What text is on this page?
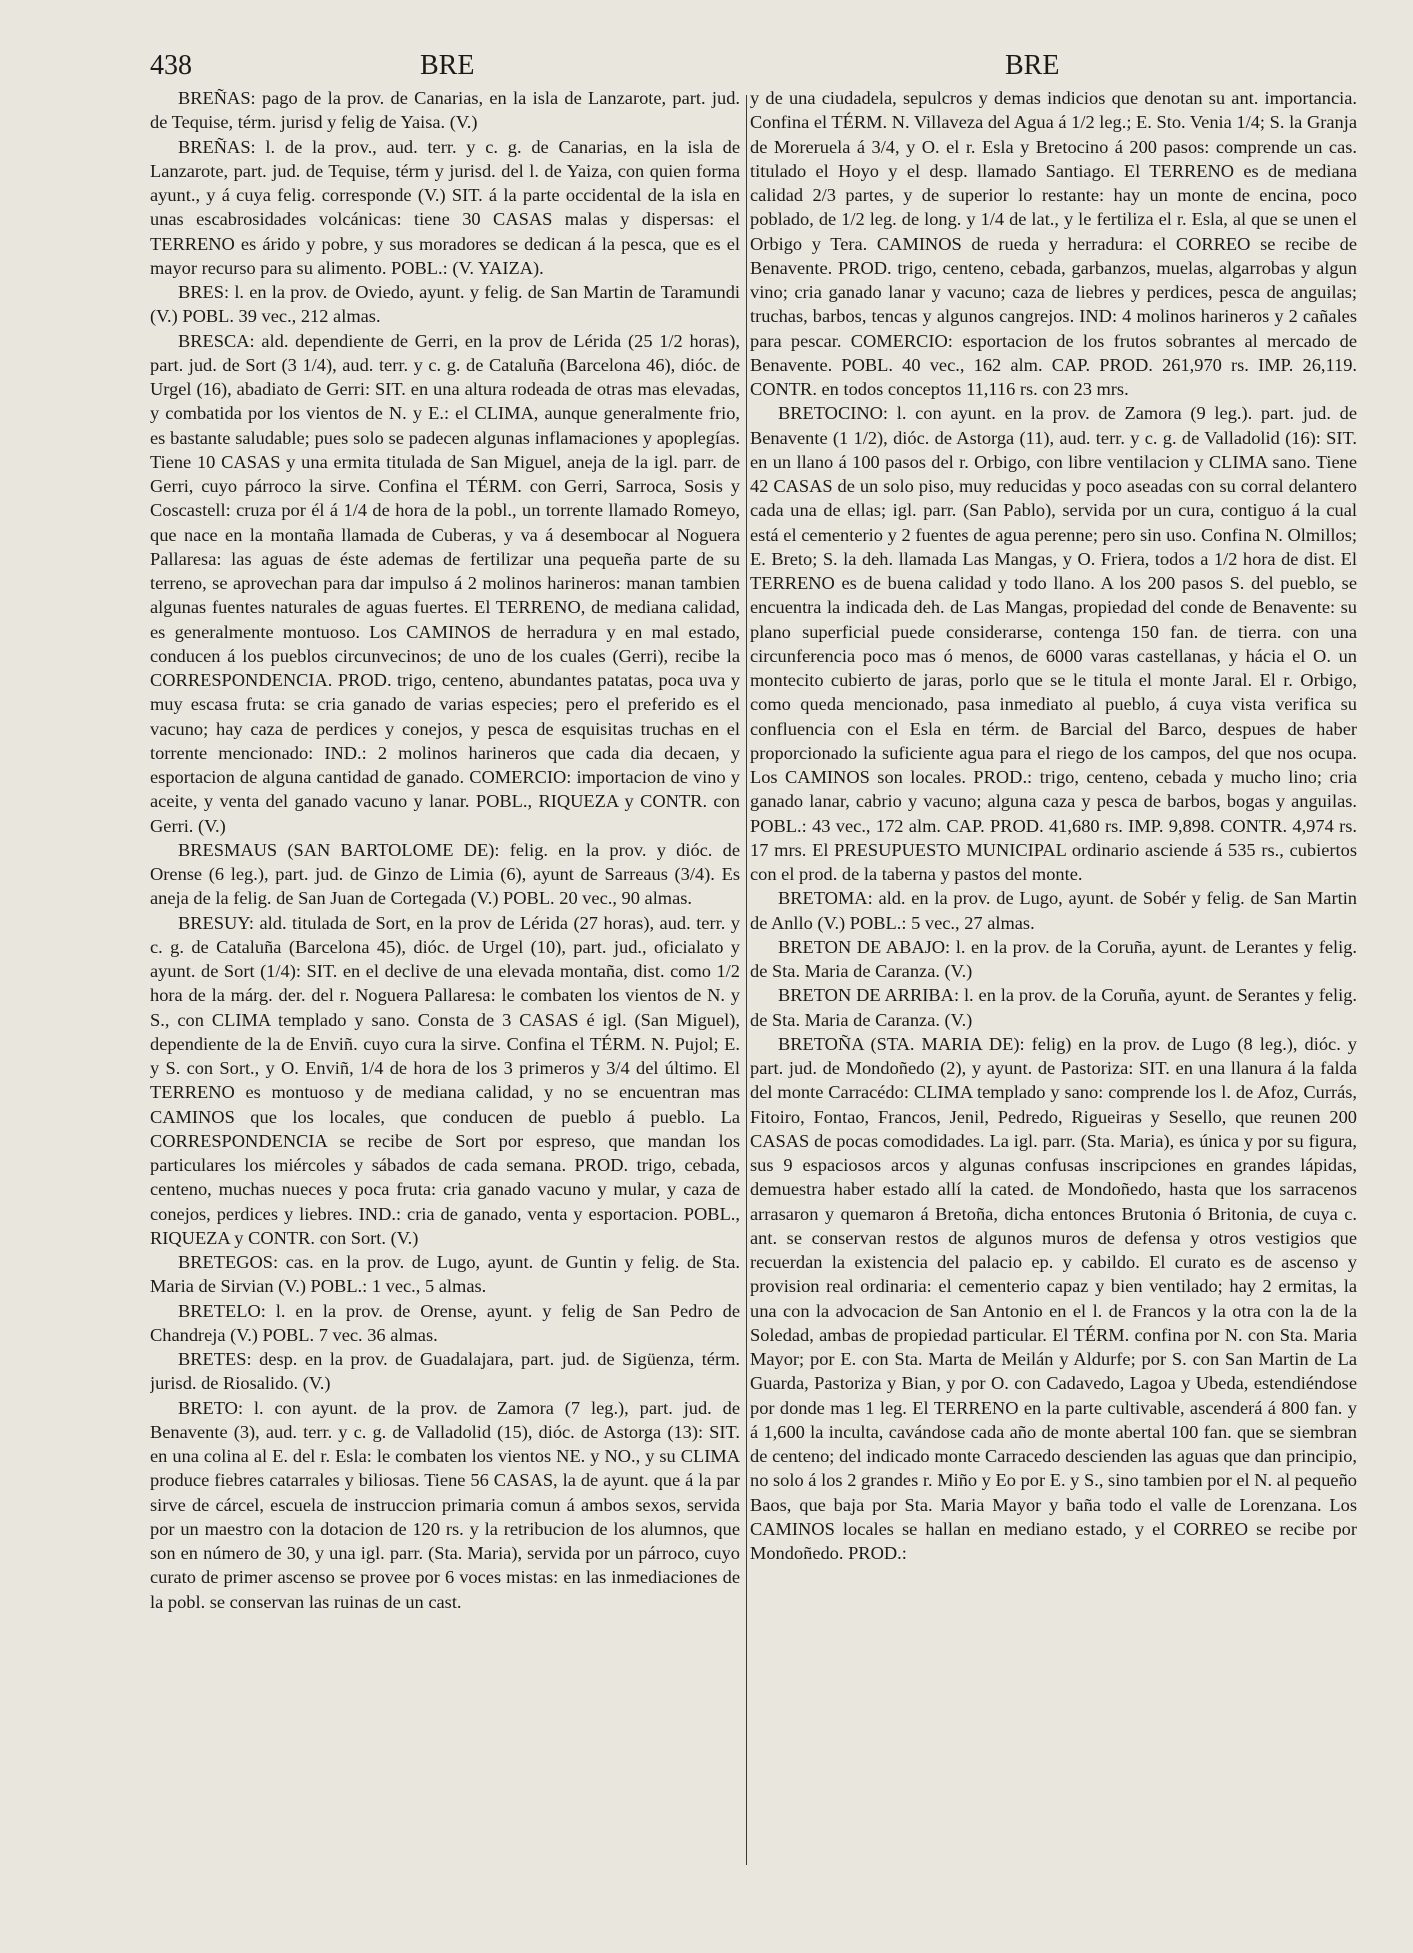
438	BRE	BRE

BREÑAS: pago de la prov. de Canarias, en la isla de Lanzarote, part. jud. de Tequise, térm. jurisd y felig de Yaisa. (V.)

BREÑAS: l. de la prov., aud. terr. y c. g. de Canarias, en la isla de Lanzarote, part. jud. de Tequise, térm y jurisd. del l. de Yaiza, con quien forma ayunt., y á cuya felig. corresponde (V.) SIT. á la parte occidental de la isla en unas escabrosidades volcánicas: tiene 30 CASAS malas y dispersas: el TERRENO es árido y pobre, y sus moradores se dedican á la pesca, que es el mayor recurso para su alimento. POBL.: (V. YAIZA).

BRES: l. en la prov. de Oviedo, ayunt. y felig. de San Martin de Taramundi (V.) POBL. 39 vec., 212 almas.

BRESCA: ald. dependiente de Gerri, en la prov de Lérida (25 1/2 horas), part. jud. de Sort (3 1/4), aud. terr. y c. g. de Cataluña (Barcelona 46), dióc. de Urgel (16), abadiato de Gerri: SIT. en una altura rodeada de otras mas elevadas, y combatida por los vientos de N. y E.: el CLIMA, aunque generalmente frio, es bastante saludable; pues solo se padecen algunas inflamaciones y apoplegías. Tiene 10 CASAS y una ermita titulada de San Miguel, aneja de la igl. parr. de Gerri, cuyo párroco la sirve. Confina el TÉRM. con Gerri, Sarroca, Sosis y Coscastell: cruza por él á 1/4 de hora de la pobl., un torrente llamado Romeyo, que nace en la montaña llamada de Cuberas, y va á desembocar al Noguera Pallaresa: las aguas de éste ademas de fertilizar una pequeña parte de su terreno, se aprovechan para dar impulso á 2 molinos harineros: manan tambien algunas fuentes naturales de aguas fuertes. El TERRENO, de mediana calidad, es generalmente montuoso. Los CAMINOS de herradura y en mal estado, conducen á los pueblos circunvecinos; de uno de los cuales (Gerri), recibe la CORRESPONDENCIA. PROD. trigo, centeno, abundantes patatas, poca uva y muy escasa fruta: se cria ganado de varias especies; pero el preferido es el vacuno; hay caza de perdices y conejos, y pesca de esquisitas truchas en el torrente mencionado: IND.: 2 molinos harineros que cada dia decaen, y esportacion de alguna cantidad de ganado. COMERCIO: importacion de vino y aceite, y venta del ganado vacuno y lanar. POBL., RIQUEZA y CONTR. con Gerri. (V.)

BRESMAUS (SAN BARTOLOME DE): felig. en la prov. y dióc. de Orense (6 leg.), part. jud. de Ginzo de Limia (6), ayunt de Sarreaus (3/4). Es aneja de la felig. de San Juan de Cortegada (V.) POBL. 20 vec., 90 almas.

BRESUY: ald. titulada de Sort, en la prov de Lérida (27 horas), aud. terr. y c. g. de Cataluña (Barcelona 45), dióc. de Urgel (10), part. jud., oficialato y ayunt. de Sort (1/4): SIT. en el declive de una elevada montaña, dist. como 1/2 hora de la márg. der. del r. Noguera Pallaresa: le combaten los vientos de N. y S., con CLIMA templado y sano. Consta de 3 CASAS é igl. (San Miguel), dependiente de la de Enviñ. cuyo cura la sirve. Confina el TÉRM. N. Pujol; E. y S. con Sort., y O. Enviñ, 1/4 de hora de los 3 primeros y 3/4 del último. El TERRENO es montuoso y de mediana calidad, y no se encuentran mas CAMINOS que los locales, que conducen de pueblo á pueblo. La CORRESPONDENCIA se recibe de Sort por espreso, que mandan los particulares los miércoles y sábados de cada semana. PROD. trigo, cebada, centeno, muchas nueces y poca fruta: cria ganado vacuno y mular, y caza de conejos, perdices y liebres. IND.: cria de ganado, venta y esportacion. POBL., RIQUEZA y CONTR. con Sort. (V.)

BRETEGOS: cas. en la prov. de Lugo, ayunt. de Guntin y felig. de Sta. Maria de Sirvian (V.) POBL.: 1 vec., 5 almas.

BRETELO: l. en la prov. de Orense, ayunt. y felig de San Pedro de Chandreja (V.) POBL. 7 vec. 36 almas.

BRETES: desp. en la prov. de Guadalajara, part. jud. de Sigüenza, térm. jurisd. de Riosalido. (V.)

BRETO: l. con ayunt. de la prov. de Zamora (7 leg.), part. jud. de Benavente (3), aud. terr. y c. g. de Valladolid (15), dióc. de Astorga (13): SIT. en una colina al E. del r. Esla: le combaten los vientos NE. y NO., y su CLIMA produce fiebres catarrales y biliosas. Tiene 56 CASAS, la de ayunt. que á la par sirve de cárcel, escuela de instruccion primaria comun á ambos sexos, servida por un maestro con la dotacion de 120 rs. y la retribucion de los alumnos, que son en número de 30, y una igl. parr. (Sta. Maria), servida por un párroco, cuyo curato de primer ascenso se provee por 6 voces mistas: en las inmediaciones de la pobl. se conservan las ruinas de un cast.

y de una ciudadela, sepulcros y demas indicios que denotan su ant. importancia. Confina el TÉRM. N. Villaveza del Agua á 1/2 leg.; E. Sto. Venia 1/4; S. la Granja de Moreruela á 3/4, y O. el r. Esla y Bretocino á 200 pasos: comprende un cas. titulado el Hoyo y el desp. llamado Santiago. El TERRENO es de mediana calidad 2/3 partes, y de superior lo restante: hay un monte de encina, poco poblado, de 1/2 leg. de long. y 1/4 de lat., y le fertiliza el r. Esla, al que se unen el Orbigo y Tera. CAMINOS de rueda y herradura: el CORREO se recibe de Benavente. PROD. trigo, centeno, cebada, garbanzos, muelas, algarrobas y algun vino; cria ganado lanar y vacuno; caza de liebres y perdices, pesca de anguilas; truchas, barbos, tencas y algunos cangrejos. IND: 4 molinos harineros y 2 cañales para pescar. COMERCIO: esportacion de los frutos sobrantes al mercado de Benavente. POBL. 40 vec., 162 alm. CAP. PROD. 261,970 rs. IMP. 26,119. CONTR. en todos conceptos 11,116 rs. con 23 mrs.

BRETOCINO: l. con ayunt. en la prov. de Zamora (9 leg.). part. jud. de Benavente (1 1/2), dióc. de Astorga (11), aud. terr. y c. g. de Valladolid (16): SIT. en un llano á 100 pasos del r. Orbigo, con libre ventilacion y CLIMA sano. Tiene 42 CASAS de un solo piso, muy reducidas y poco aseadas con su corral delantero cada una de ellas; igl. parr. (San Pablo), servida por un cura, contiguo á la cual está el cementerio y 2 fuentes de agua perenne; pero sin uso. Confina N. Olmillos; E. Breto; S. la deh. llamada Las Mangas, y O. Friera, todos a 1/2 hora de dist. El TERRENO es de buena calidad y todo llano. A los 200 pasos S. del pueblo, se encuentra la indicada deh. de Las Mangas, propiedad del conde de Benavente: su plano superficial puede considerarse, contenga 150 fan. de tierra. con una circunferencia poco mas ó menos, de 6000 varas castellanas, y hácia el O. un montecito cubierto de jaras, porlo que se le titula el monte Jaral. El r. Orbigo, como queda mencionado, pasa inmediato al pueblo, á cuya vista verifica su confluencia con el Esla en térm. de Barcial del Barco, despues de haber proporcionado la suficiente agua para el riego de los campos, del que nos ocupa. Los CAMINOS son locales. PROD.: trigo, centeno, cebada y mucho lino; cria ganado lanar, cabrio y vacuno; alguna caza y pesca de barbos, bogas y anguilas. POBL.: 43 vec., 172 alm. CAP. PROD. 41,680 rs. IMP. 9,898. CONTR. 4,974 rs. 17 mrs. El PRESUPUESTO MUNICIPAL ordinario asciende á 535 rs., cubiertos con el prod. de la taberna y pastos del monte.

BRETOMA: ald. en la prov. de Lugo, ayunt. de Sobér y felig. de San Martin de Anllo (V.) POBL.: 5 vec., 27 almas.

BRETON DE ABAJO: l. en la prov. de la Coruña, ayunt. de Lerantes y felig. de Sta. Maria de Caranza. (V.)

BRETON DE ARRIBA: l. en la prov. de la Coruña, ayunt. de Serantes y felig. de Sta. Maria de Caranza. (V.)

BRETOÑA (STA. MARIA DE): felig) en la prov. de Lugo (8 leg.), dióc. y part. jud. de Mondoñedo (2), y ayunt. de Pastoriza: SIT. en una llanura á la falda del monte Carracédo: CLIMA templado y sano: comprende los l. de Afoz, Currás, Fitoiro, Fontao, Francos, Jenil, Pedredo, Rigueiras y Sesello, que reunen 200 CASAS de pocas comodidades. La igl. parr. (Sta. Maria), es única y por su figura, sus 9 espaciosos arcos y algunas confusas inscripciones en grandes lápidas, demuestra haber estado allí la cated. de Mondoñedo, hasta que los sarracenos arrasaron y quemaron á Bretoña, dicha entonces Brutonia ó Britonia, de cuya c. ant. se conservan restos de algunos muros de defensa y otros vestigios que recuerdan la existencia del palacio ep. y cabildo. El curato es de ascenso y provision real ordinaria: el cementerio capaz y bien ventilado; hay 2 ermitas, la una con la advocacion de San Antonio en el l. de Francos y la otra con la de la Soledad, ambas de propiedad particular. El TÉRM. confina por N. con Sta. Maria Mayor; por E. con Sta. Marta de Meilán y Aldurfe; por S. con San Martin de La Guarda, Pastoriza y Bian, y por O. con Cadavedo, Lagoa y Ubeda, estendiéndose por donde mas 1 leg. El TERRENO en la parte cultivable, ascenderá á 800 fan. y á 1,600 la inculta, cavándose cada año de monte abertal 100 fan. que se siembran de centeno; del indicado monte Carracedo descienden las aguas que dan principio, no solo á los 2 grandes r. Miño y Eo por E. y S., sino tambien por el N. al pequeño Baos, que baja por Sta. Maria Mayor y baña todo el valle de Lorenzana. Los CAMINOS locales se hallan en mediano estado, y el CORREO se recibe por Mondoñedo. PROD.:
